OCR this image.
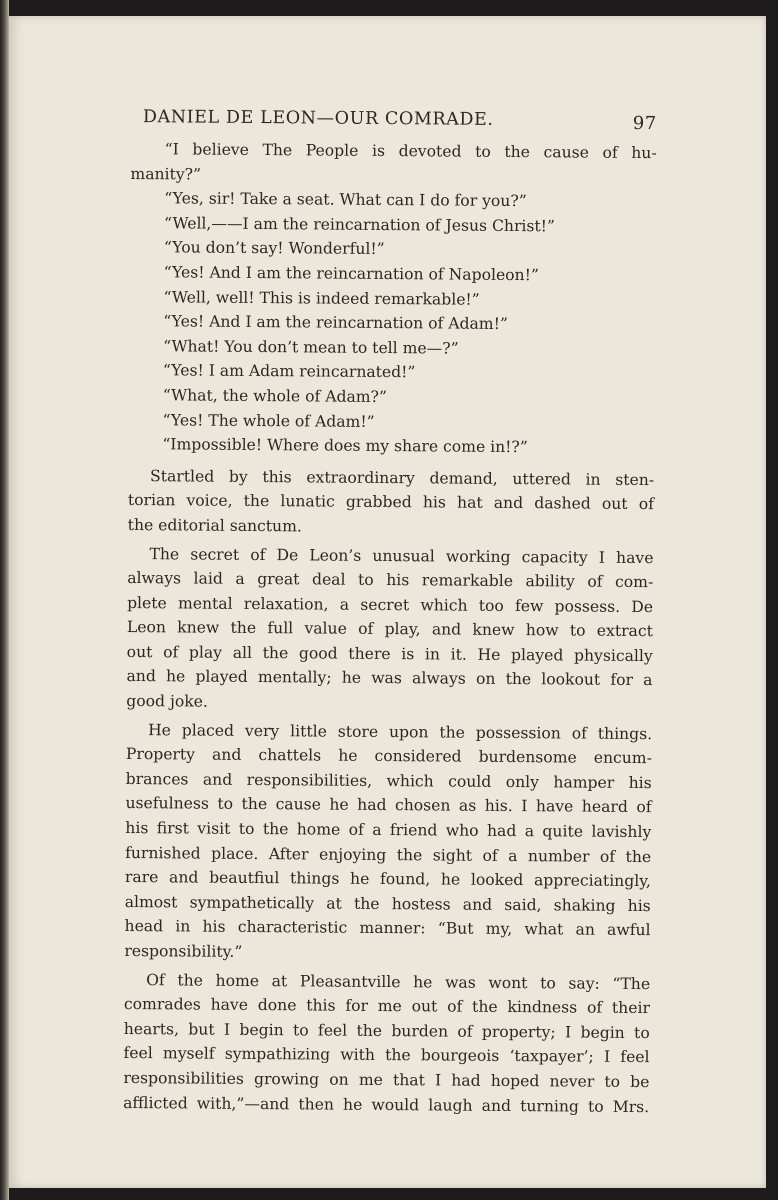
DANIEL DE LEON—OUR COMRADE.	97
“I believe The People is devoted to the cause of hu-
manity?”
“Yes, sir! Take a seat. What can I do for you?”
“Well,——I am the reincarnation of Jesus Christ!”
“You don’t say! Wonderful!”
“Yes! And I am the reincarnation of Napoleon!”
“Well, well! This is indeed remarkable!”
“Yes! And I am the reincarnation of Adam!”
“What! You don’t mean to tell me—?”
“Yes! I am Adam reincarnated!”
“What, the whole of Adam?”
“Yes! The whole of Adam!”
“Impossible! Where does my share come in!?”
Startled by this extraordinary demand, uttered in sten-
torian voice, the lunatic grabbed his hat and dashed out of
the editorial sanctum.
The secret of De Leon’s unusual working capacity I have
always laid a great deal to his remarkable ability of com-
plete mental relaxation, a secret which too few possess. De
Leon knew the full value of play, and knew how to extract
out of play all the good there is in it. He played physically
and he played mentally; he was always on the lookout for a
good joke.
He placed very little store upon the possession of things.
Property and chattels he considered burdensome encum-
brances and responsibilities, which could only hamper his
usefulness to the cause he had chosen as his. I have heard of
his first visit to the home of a friend who had a quite lavishly
furnished place. After enjoying the sight of a number of the
rare and beautfiul things he found, he looked appreciatingly,
almost sympathetically at the hostess and said, shaking his
head in his characteristic manner: “But my, what an awful
responsibility.”
Of the home at Pleasantville he was wont to say: “The
comrades have done this for me out of the kindness of their
hearts, but I begin to feel the burden of property; I begin to
feel myself sympathizing with the bourgeois ‘taxpayer’; I feel
responsibilities growing on me that I had hoped never to be
afflicted with,”—and then he would laugh and turning to Mrs.
